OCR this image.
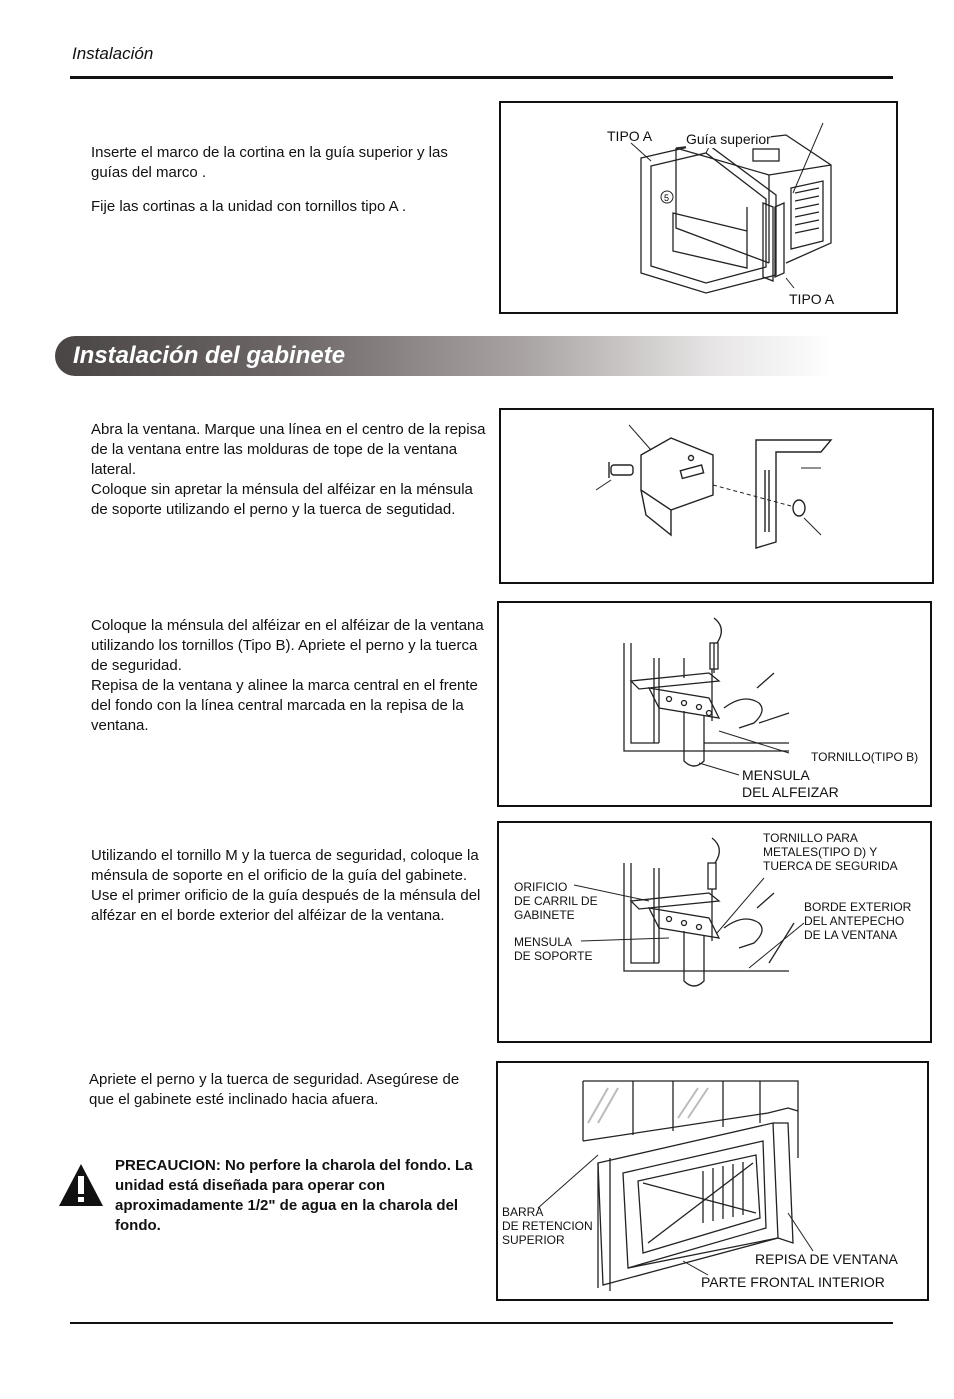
Instalación

Inserte el marco de la cortina en la guía superior y las guías del marco .

Fije las cortinas a la unidad con tornillos tipo A .	5
TIPO A Guía superior
TIPO A
Instalación del gabinete

Abra la ventana. Marque una línea en el centro de la repisa de la ventana entre las molduras de tope de la ventana lateral.

Coloque sin apretar la ménsula del alféizar en la ménsula de soporte utilizando el perno y la tuerca de segutidad.

Coloque la ménsula del alféizar en el alféizar de la ventana utilizando los tornillos (Tipo B). Apriete el perno y la tuerca de seguridad.

Repisa de la ventana y alinee la marca central en el frente del fondo con la línea central marcada en la repisa de la ventana.

TORNILLO(TIPO B)
MENSULA
DEL ALFEIZAR

Utilizando el tornillo M y la tuerca de seguridad, coloque la ménsula de soporte en el orificio de la guía del gabinete. Use el primer orificio de la guía después de la ménsula del alfézar en el borde exterior del alféizar de la ventana.

TORNILLO PARA
METALES(TIPO D) Y
TUERCA DE SEGURIDA
ORIFICIO
DE CARRIL DE
GABINETE
BORDE EXTERIOR
DEL ANTEPECHO
DE LA VENTANA
MENSULA
DE SOPORTE

Apriete el perno y la tuerca de seguridad. Asegúrese de que el gabinete esté inclinado hacia afuera.

PRECAUCION: No perfore la charola del fondo. La unidad está diseñada para operar con aproximadamente 1/2" de agua en la charola del fondo.
BARRA
DE RETENCION
SUPERIOR
REPISA DE VENTANA
PARTE FRONTAL INTERIOR
